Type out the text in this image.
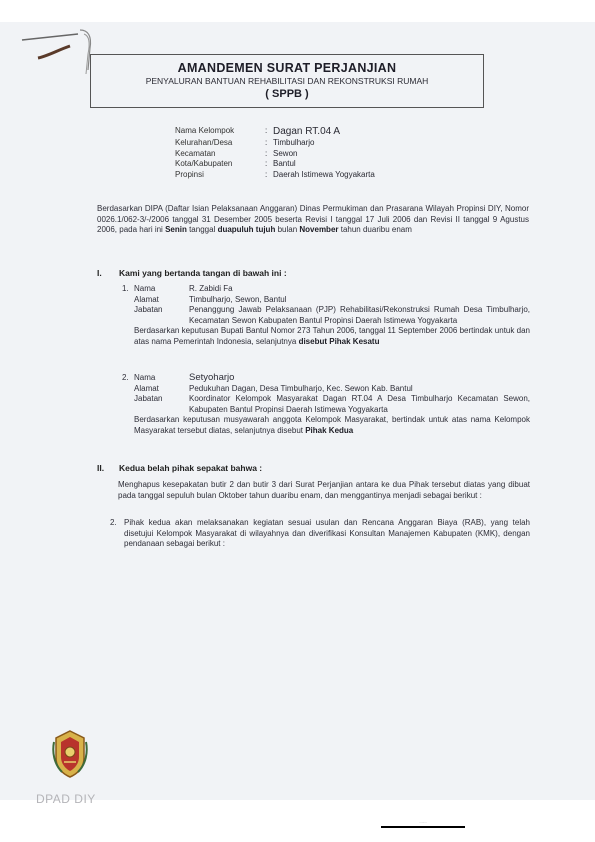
AMANDEMEN SURAT PERJANJIAN
PENYALURAN BANTUAN REHABILITASI DAN REKONSTRUKSI RUMAH
( SPPB )
Nama Kelompok	: Dagan RT.04 A
Kelurahan/Desa	: Timbulharjo
Kecamatan	: Sewon
Kota/Kabupaten	: Bantul
Propinsi	: Daerah Istimewa Yogyakarta
Berdasarkan DIPA (Daftar Isian Pelaksanaan Anggaran) Dinas Permukiman dan Prasarana Wilayah Propinsi DIY, Nomor 0026.1/062-3/-/2006 tanggal 31 Desember 2005 beserta Revisi I tanggal 17 Juli 2006 dan Revisi II tanggal 9 Agustus 2006, pada hari ini Senin tanggal duapuluh tujuh bulan November tahun duaribu enam
I. Kami yang bertanda tangan di bawah ini :
1. Nama	R. Zabidi Fa
Alamat	Timbulharjo, Sewon, Bantul
Jabatan	Penanggung Jawab Pelaksanaan (PJP) Rehabilitasi/Rekonstruksi Rumah Desa Timbulharjo, Kecamatan Sewon Kabupaten Bantul Propinsi Daerah Istimewa Yogyakarta
Berdasarkan keputusan Bupati Bantul Nomor 273 Tahun 2006, tanggal 11 September 2006 bertindak untuk dan atas nama Pemerintah Indonesia, selanjutnya disebut Pihak Kesatu
2. Nama	Setyoharjo
Alamat	Pedukuhan Dagan, Desa Timbulharjo, Kec. Sewon Kab. Bantul
Jabatan	Koordinator Kelompok Masyarakat Dagan RT.04 A Desa Timbulharjo Kecamatan Sewon, Kabupaten Bantul Propinsi Daerah Istimewa Yogyakarta
Berdasarkan keputusan musyawarah anggota Kelompok Masyarakat, bertindak untuk atas nama Kelompok Masyarakat tersebut diatas, selanjutnya disebut Pihak Kedua
II. Kedua belah pihak sepakat bahwa :
Menghapus kesepakatan butir 2 dan butir 3 dari Surat Perjanjian antara ke dua Pihak tersebut diatas yang dibuat pada tanggal sepuluh bulan Oktober tahun duaribu enam, dan menggantinya menjadi sebagai berikut :
2. Pihak kedua akan melaksanakan kegiatan sesuai usulan dan Rencana Anggaran Biaya (RAB), yang telah disetujui Kelompok Masyarakat di wilayahnya dan diverifikasi Konsultan Manajemen Kabupaten (KMK), dengan pendanaan sebagai berikut :
DPAD DIY
.........
